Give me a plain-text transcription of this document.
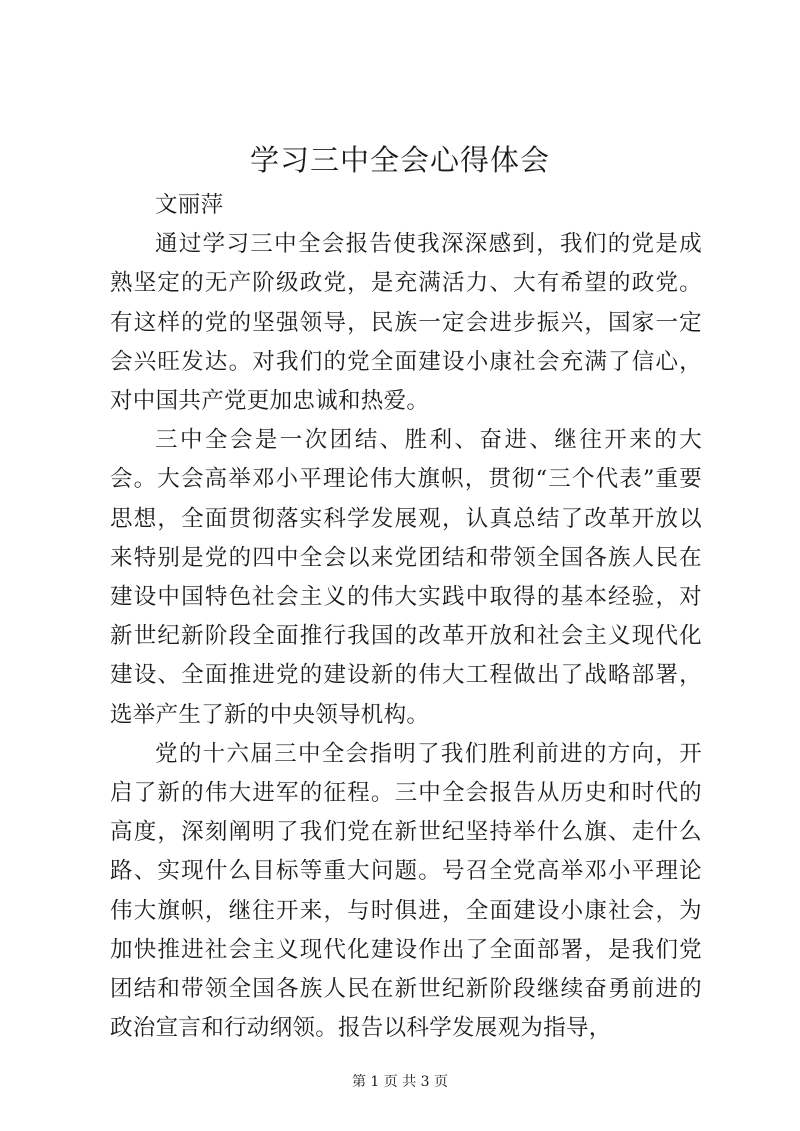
学习三中全会心得体会

文丽萍

通过学习三中全会报告使我深深感到，我们的党是成熟坚定的无产阶级政党，是充满活力、大有希望的政党。有这样的党的坚强领导，民族一定会进步振兴，国家一定会兴旺发达。对我们的党全面建设小康社会充满了信心，对中国共产党更加忠诚和热爱。

三中全会是一次团结、胜利、奋进、继往开来的大会。大会高举邓小平理论伟大旗帜，贯彻“三个代表”重要思想，全面贯彻落实科学发展观，认真总结了改革开放以来特别是党的四中全会以来党团结和带领全国各族人民在建设中国特色社会主义的伟大实践中取得的基本经验，对新世纪新阶段全面推行我国的改革开放和社会主义现代化建设、全面推进党的建设新的伟大工程做出了战略部署，选举产生了新的中央领导机构。

党的十六届三中全会指明了我们胜利前进的方向，开启了新的伟大进军的征程。三中全会报告从历史和时代的高度，深刻阐明了我们党在新世纪坚持举什么旗、走什么路、实现什么目标等重大问题。号召全党高举邓小平理论伟大旗帜，继往开来，与时俱进，全面建设小康社会，为加快推进社会主义现代化建设作出了全面部署，是我们党团结和带领全国各族人民在新世纪新阶段继续奋勇前进的政治宣言和行动纲领。报告以科学发展观为指导，

第 1 页 共 3 页
